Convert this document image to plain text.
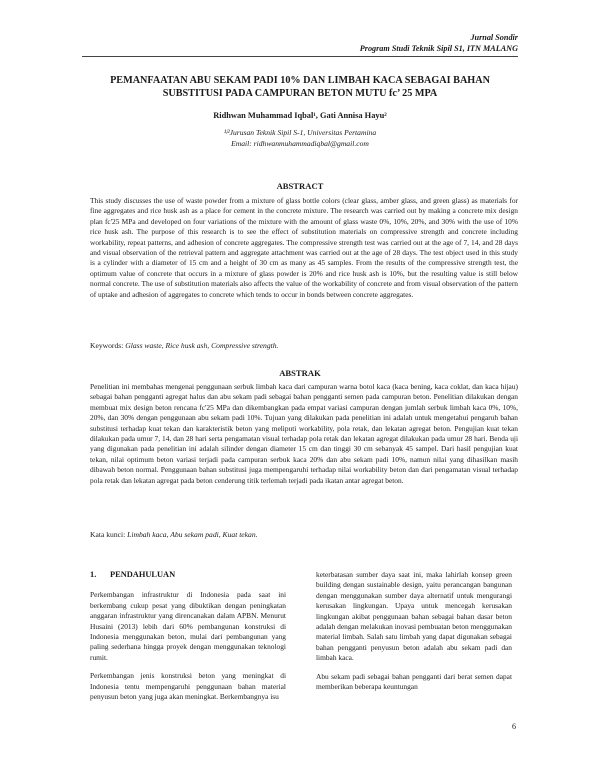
Jurnal Sondir
Program Studi Teknik Sipil S1, ITN MALANG
PEMANFAATAN ABU SEKAM PADI 10% DAN LIMBAH KACA SEBAGAI BAHAN
SUBSTITUSI PADA CAMPURAN BETON MUTU fc’ 25 MPA
Ridhwan Muhammad Iqbal¹, Gati Annisa Hayu²
¹ʲ²Jurusan Teknik Sipil S-1, Universitas Pertamina
Email: ridhwanmuhammadiqbal@gmail.com
ABSTRACT
This study discusses the use of waste powder from a mixture of glass bottle colors (clear glass, amber glass, and green glass) as materials for fine aggregates and rice husk ash as a place for cement in the concrete mixture. The research was carried out by making a concrete mix design plan fc'25 MPa and developed on four variations of the mixture with the amount of glass waste 0%, 10%, 20%, and 30% with the use of 10% rice husk ash. The purpose of this research is to see the effect of substitution materials on compressive strength and concrete including workability, repeat patterns, and adhesion of concrete aggregates. The compressive strength test was carried out at the age of 7, 14, and 28 days and visual observation of the retrieval pattern and aggregate attachment was carried out at the age of 28 days. The test object used in this study is a cylinder with a diameter of 15 cm and a height of 30 cm as many as 45 samples. From the results of the compressive strength test, the optimum value of concrete that occurs in a mixture of glass powder is 20% and rice husk ash is 10%, but the resulting value is still below normal concrete. The use of substitution materials also affects the value of the workability of concrete and from visual observation of the pattern of uptake and adhesion of aggregates to concrete which tends to occur in bonds between concrete aggregates.
Keywords: Glass waste, Rice husk ash, Compressive strength.
ABSTRAK
Penelitian ini membahas mengenai penggunaan serbuk limbah kaca dari campuran warna botol kaca (kaca bening, kaca coklat, dan kaca hijau) sebagai bahan pengganti agregat halus dan abu sekam padi sebagai bahan pengganti semen pada campuran beton. Penelitian dilakukan dengan membuat mix design beton rencana fc'25 MPa dan dikembangkan pada empat variasi campuran dengan jumlah serbuk limbah kaca 0%, 10%, 20%, dan 30% dengan penggunaan abu sekam padi 10%. Tujuan yang dilakukan pada penelitian ini adalah untuk mengetahui pengaruh bahan substitusi terhadap kuat tekan dan karakteristik beton yang meliputi workability, pola retak, dan lekatan agregat beton. Pengujian kuat tekan dilakukan pada umur 7, 14, dan 28 hari serta pengamatan visual terhadap pola retak dan lekatan agregat dilakukan pada umur 28 hari. Benda uji yang digunakan pada penelitian ini adalah silinder dengan diameter 15 cm dan tinggi 30 cm sebanyak 45 sampel. Dari hasil pengujian kuat tekan, nilai optimum beton variasi terjadi pada campuran serbuk kaca 20% dan abu sekam padi 10%, namun nilai yang dihasilkan masih dibawah beton normal. Penggunaan bahan substitusi juga mempengaruhi terhadap nilai workability beton dan dari pengamatan visual terhadap pola retak dan lekatan agregat pada beton cenderung titik terlemah terjadi pada ikatan antar agregat beton.
Kata kunci: Limbah kaca, Abu sekam padi, Kuat tekan.
1. PENDAHULUAN

Perkembangan infrastruktur di Indonesia pada saat ini berkembang cukup pesat yang dibuktikan dengan peningkatan anggaran infrastruktur yang direncanakan dalam APBN. Menurut Husaini (2013) lebih dari 60% pembangunan konstruksi di Indonesia menggunakan beton, mulai dari pembangunan yang paling sederhana hingga proyek dengan menggunakan teknologi rumit.

Perkembangan jenis konstruksi beton yang meningkat di Indonesia tentu mempengaruhi penggunaan bahan material penyusun beton yang juga akan meningkat. Berkembangnya isu

keterbatasan sumber daya saat ini, maka lahirlah konsep green building dengan sustainable design, yaitu perancangan bangunan dengan menggunakan sumber daya alternatif untuk mengurangi kerusakan lingkungan. Upaya untuk mencegah kerusakan lingkungan akibat penggunaan bahan sebagai bahan dasar beton adalah dengan melakukan inovasi pembuatan beton menggunakan material limbah. Salah satu limbah yang dapat digunakan sebagai bahan pengganti penyusun beton adalah abu sekam padi dan limbah kaca.

Abu sekam padi sebagai bahan pengganti dari berat semen dapat memberikan beberapa keuntungan

6
